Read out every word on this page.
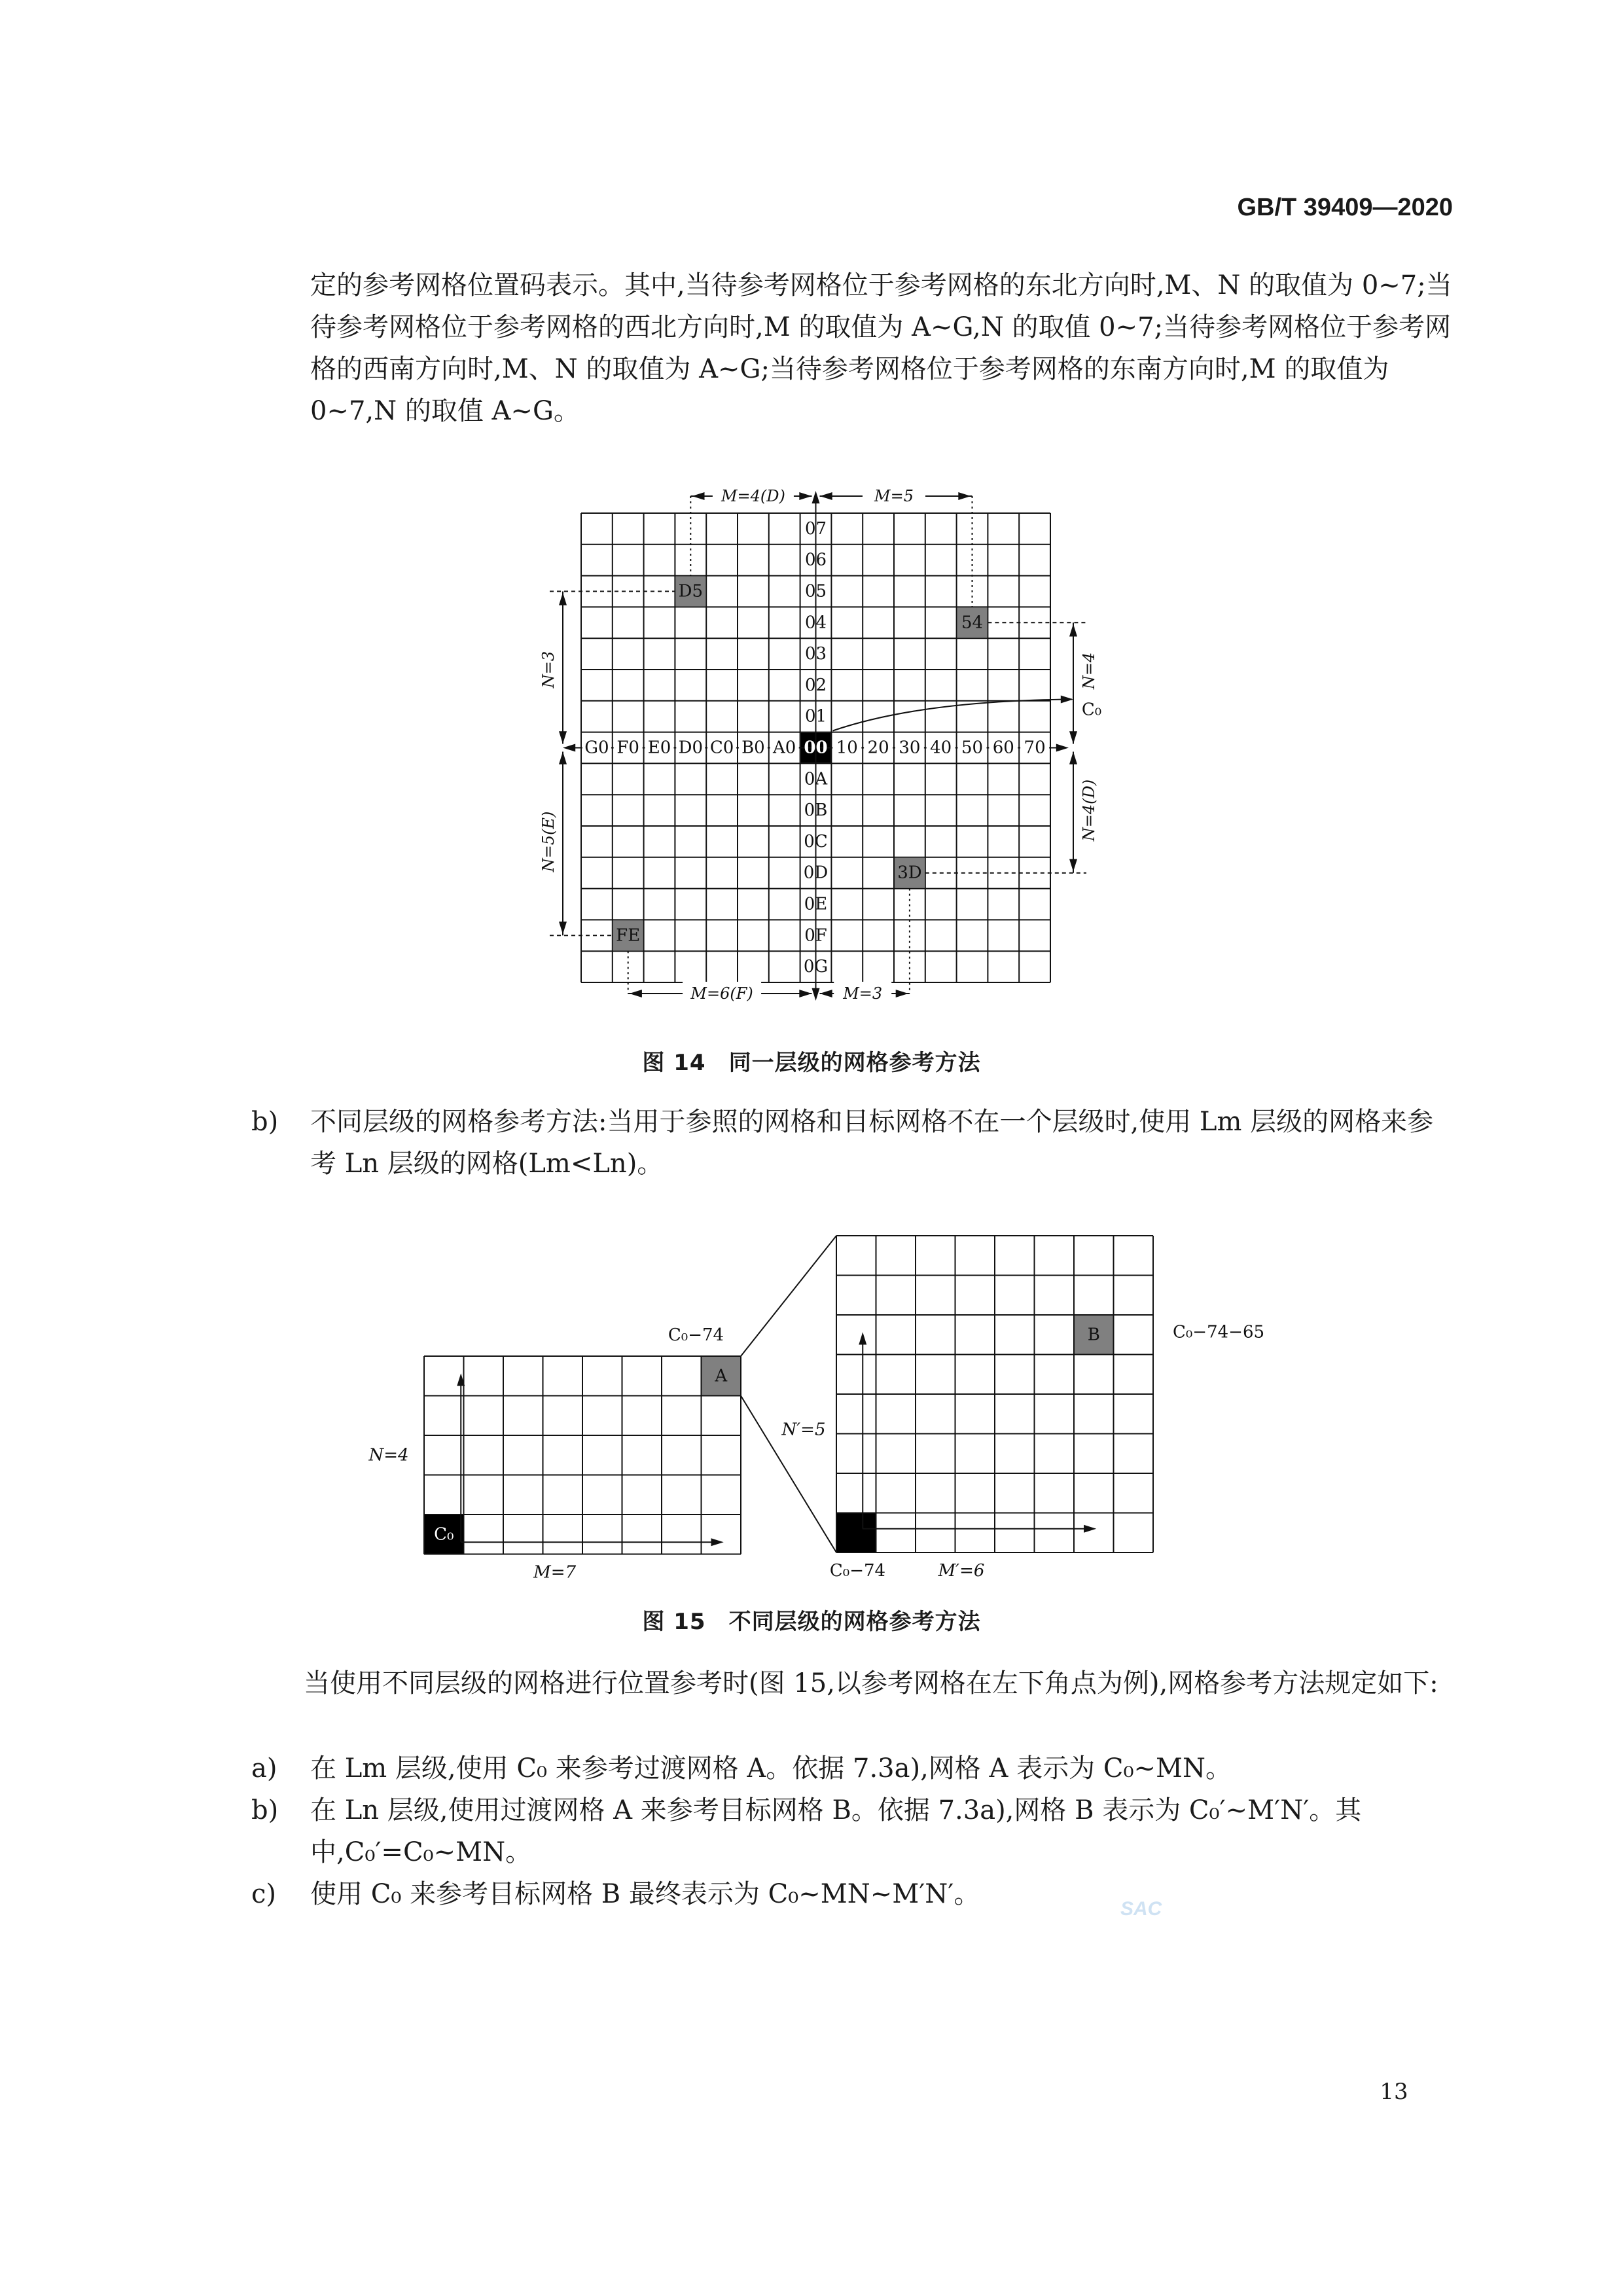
GB/T 39409—2020
定的参考网格位置码表示。其中,当待参考网格位于参考网格的东北方向时,M、N 的取值为 0~7;当待参考网格位于参考网格的西北方向时,M 的取值为 A~G,N 的取值 0~7;当待参考网格位于参考网格的西南方向时,M、N 的取值为 A~G;当待参考网格位于参考网格的东南方向时,M 的取值为 0~7,N 的取值 A~G。
D5
54
3D
FE
G0 F0 E0 D0 C0 B0 A0 00 10 20 30 40 50 60 70
07
06
05
04
03
02
01
0A
0B
0C
0D
0E
0F
0G
M=4(D)	M=5
M=6(F)	M=3
N=3
N=5(E)
N=4
N=4(D)
C₀
C₀
A
C₀−74
N=4
M=7
B	C₀−74−65
N′=5
C₀−74	M′=6
图 14　同一层级的网格参考方法
b)	不同层级的网格参考方法:当用于参照的网格和目标网格不在一个层级时,使用 Lm 层级的网格来参考 Ln 层级的网格(Lm<Ln)。
图 15　不同层级的网格参考方法
当使用不同层级的网格进行位置参考时(图 15,以参考网格在左下角点为例),网格参考方法规定如下:
a)	在 Lm 层级,使用 C₀ 来参考过渡网格 A。依据 7.3a),网格 A 表示为 C₀~MN。
b)	在 Ln 层级,使用过渡网格 A 来参考目标网格 B。依据 7.3a),网格 B 表示为 C₀′~M′N′。其中,C₀′=C₀~MN。
c)	使用 C₀ 来参考目标网格 B 最终表示为 C₀~MN~M′N′。	SAC
13
